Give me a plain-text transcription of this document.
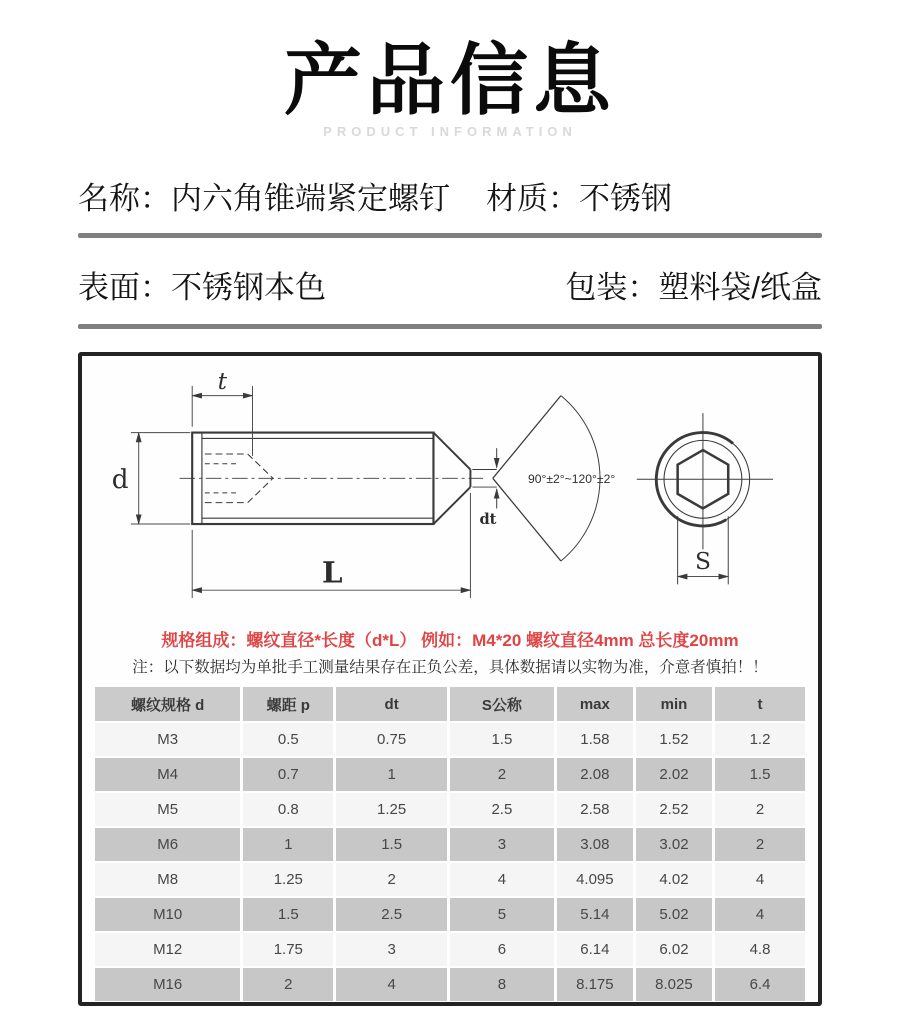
产品信息
PRODUCT INFORMATION
名称：内六角锥端紧定螺钉 材质：不锈钢
表面：不锈钢本色	包装：塑料袋/纸盒
t
d
L
dt
90°±2°~120°±2°
S
规格组成：螺纹直径*长度（d*L） 例如：M4*20 螺纹直径4mm 总长度20mm
注：以下数据均为单批手工测量结果存在正负公差，具体数据请以实物为准，介意者慎拍！！
螺纹规格 d	螺距 p	dt	S公称	max	min	t
M3	0.5	0.75	1.5	1.58	1.52	1.2
M4	0.7	1	2	2.08	2.02	1.5
M5	0.8	1.25	2.5	2.58	2.52	2
M6	1	1.5	3	3.08	3.02	2
M8	1.25	2	4	4.095	4.02	4
M10	1.5	2.5	5	5.14	5.02	4
M12	1.75	3	6	6.14	6.02	4.8
M16	2	4	8	8.175	8.025	6.4
